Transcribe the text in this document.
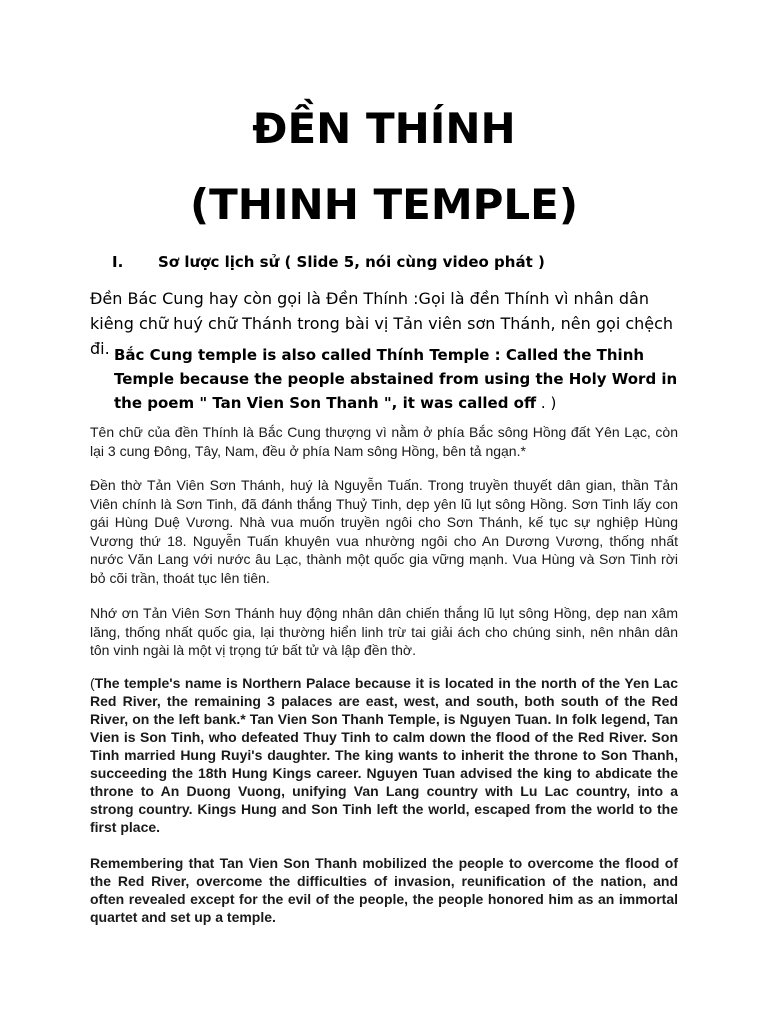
ĐỀN THÍNH
(THINH TEMPLE)
I. Sơ lược lịch sử ( Slide 5, nói cùng video phát )
Đền Bác Cung hay còn gọi là Đền Thính :Gọi là đền Thính vì nhân dân kiêng chữ huý chữ Thánh trong bài vị Tản viên sơn Thánh, nên gọi chệch đi. Bắc Cung temple is also called Thính Temple : Called the Thinh Temple because the people abstained from using the Holy Word in the poem " Tan Vien Son Thanh ", it was called off . )
Tên chữ của đền Thính là Bắc Cung thượng vì nằm ở phía Bắc sông Hồng đất Yên Lạc, còn lại 3 cung Đông, Tây, Nam, đều ở phía Nam sông Hồng, bên tả ngạn.*
Đền thờ Tản Viên Sơn Thánh, huý là Nguyễn Tuấn. Trong truyền thuyết dân gian, thần Tản Viên chính là Sơn Tinh, đã đánh thắng Thuỷ Tinh, dẹp yên lũ lụt sông Hồng. Sơn Tinh lấy con gái Hùng Duệ Vương. Nhà vua muốn truyền ngôi cho Sơn Thánh, kế tục sự nghiệp Hùng Vương thứ 18. Nguyễn Tuấn khuyên vua nhường ngôi cho An Dương Vương, thống nhất nước Văn Lang với nước âu Lạc, thành một quốc gia vững mạnh. Vua Hùng và Sơn Tinh rời bỏ cõi trần, thoát tục lên tiên.
Nhớ ơn Tản Viên Sơn Thánh huy động nhân dân chiến thắng lũ lụt sông Hồng, dẹp nan xâm lăng, thống nhất quốc gia, lại thường hiển linh trừ tai giải ách cho chúng sinh, nên nhân dân tôn vinh ngài là một vị trọng tứ bất tử và lập đền thờ.
(The temple's name is Northern Palace because it is located in the north of the Yen Lac Red River, the remaining 3 palaces are east, west, and south, both south of the Red River, on the left bank.* Tan Vien Son Thanh Temple, is Nguyen Tuan. In folk legend, Tan Vien is Son Tinh, who defeated Thuy Tinh to calm down the flood of the Red River. Son Tinh married Hung Ruyi's daughter. The king wants to inherit the throne to Son Thanh, succeeding the 18th Hung Kings career. Nguyen Tuan advised the king to abdicate the throne to An Duong Vuong, unifying Van Lang country with Lu Lac country, into a strong country. Kings Hung and Son Tinh left the world, escaped from the world to the first place.
Remembering that Tan Vien Son Thanh mobilized the people to overcome the flood of the Red River, overcome the difficulties of invasion, reunification of the nation, and often revealed except for the evil of the people, the people honored him as an immortal quartet and set up a temple.
